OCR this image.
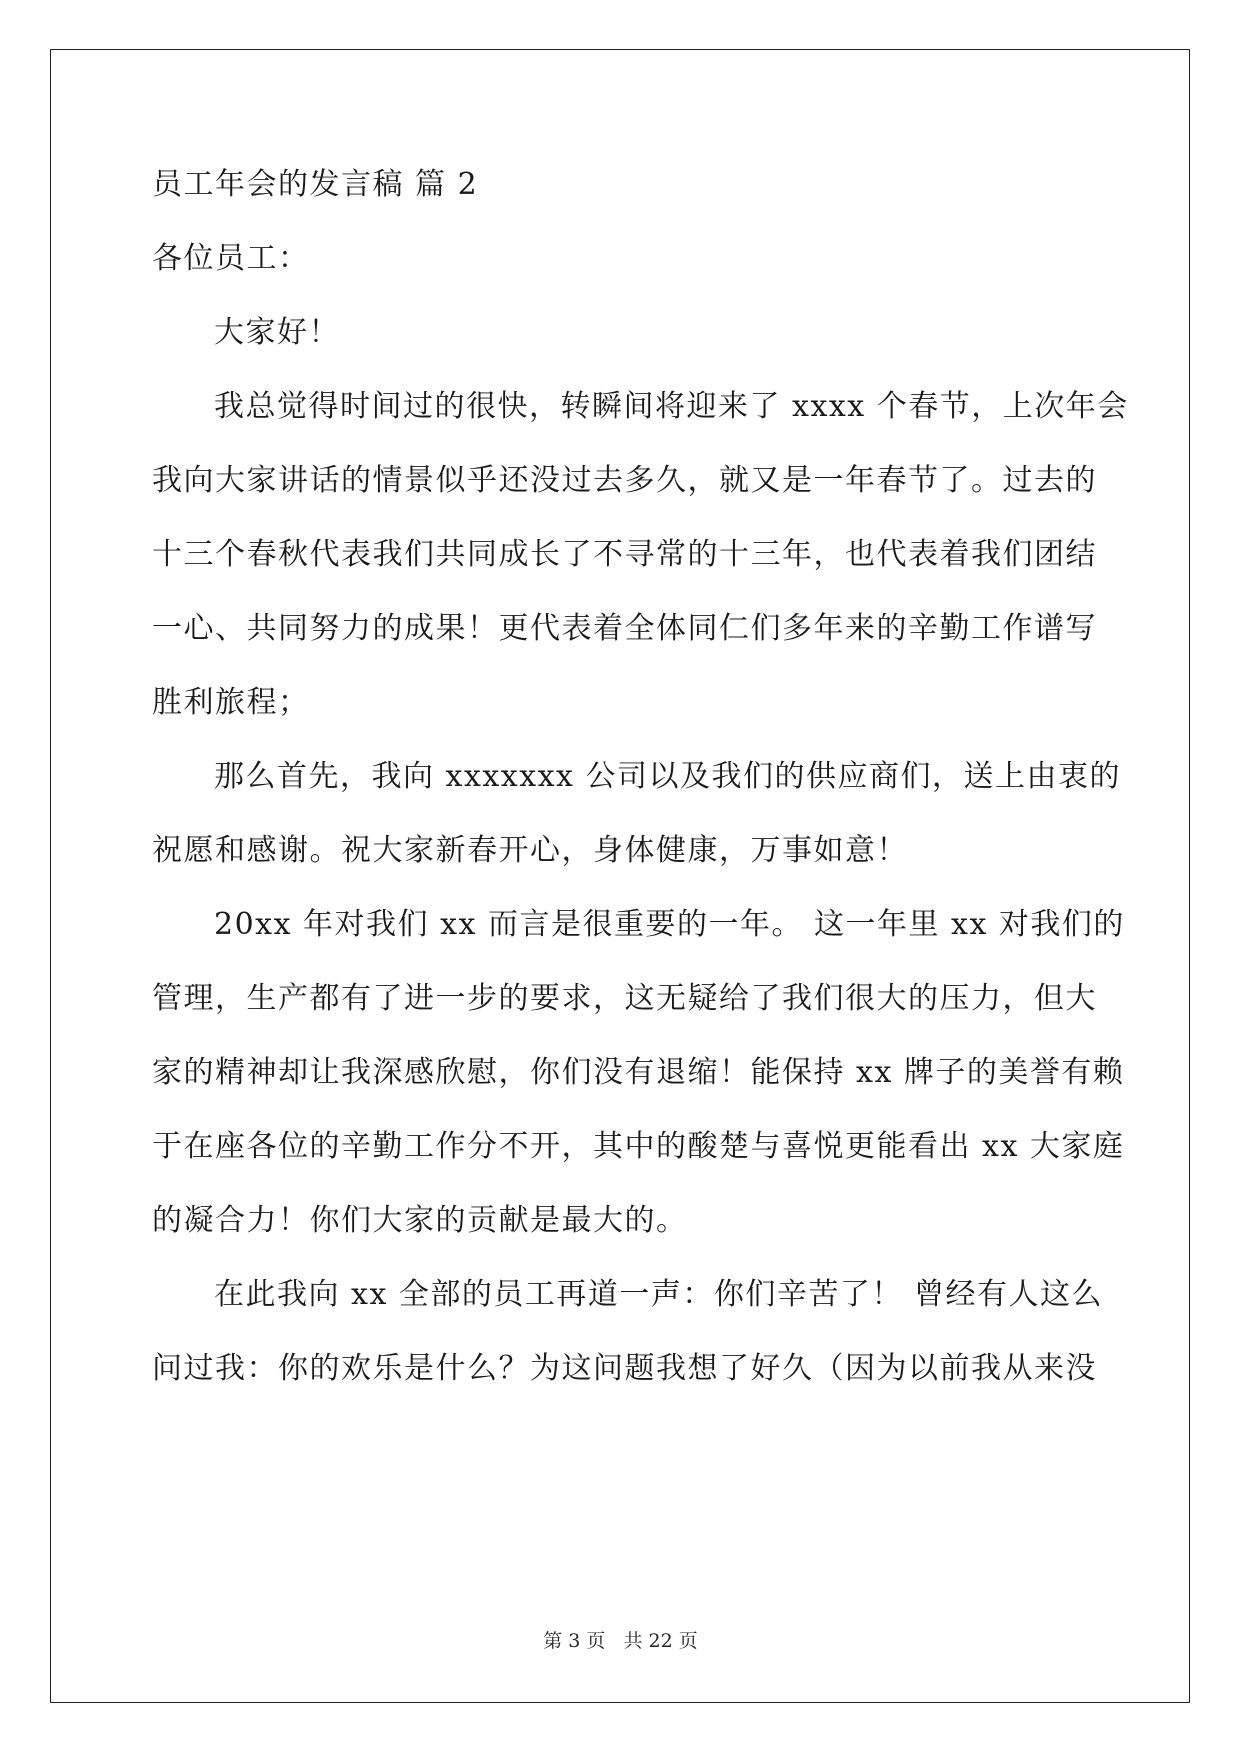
员工年会的发言稿 篇 2
各位员工：
大家好！
我总觉得时间过的很快，转瞬间将迎来了 xxxx 个春节，上次年会
我向大家讲话的情景似乎还没过去多久，就又是一年春节了。过去的
十三个春秋代表我们共同成长了不寻常的十三年，也代表着我们团结
一心、共同努力的成果！更代表着全体同仁们多年来的辛勤工作谱写
胜利旅程；
那么首先，我向 xxxxxxx 公司以及我们的供应商们，送上由衷的
祝愿和感谢。祝大家新春开心，身体健康，万事如意！
20xx 年对我们 xx 而言是很重要的一年。 这一年里 xx 对我们的
管理，生产都有了进一步的要求，这无疑给了我们很大的压力，但大
家的精神却让我深感欣慰，你们没有退缩！能保持 xx 牌子的美誉有赖
于在座各位的辛勤工作分不开，其中的酸楚与喜悦更能看出 xx 大家庭
的凝合力！你们大家的贡献是最大的。
在此我向 xx 全部的员工再道一声：你们辛苦了！ 曾经有人这么
问过我：你的欢乐是什么？为这问题我想了好久（因为以前我从来没
第 3 页 共 22 页
